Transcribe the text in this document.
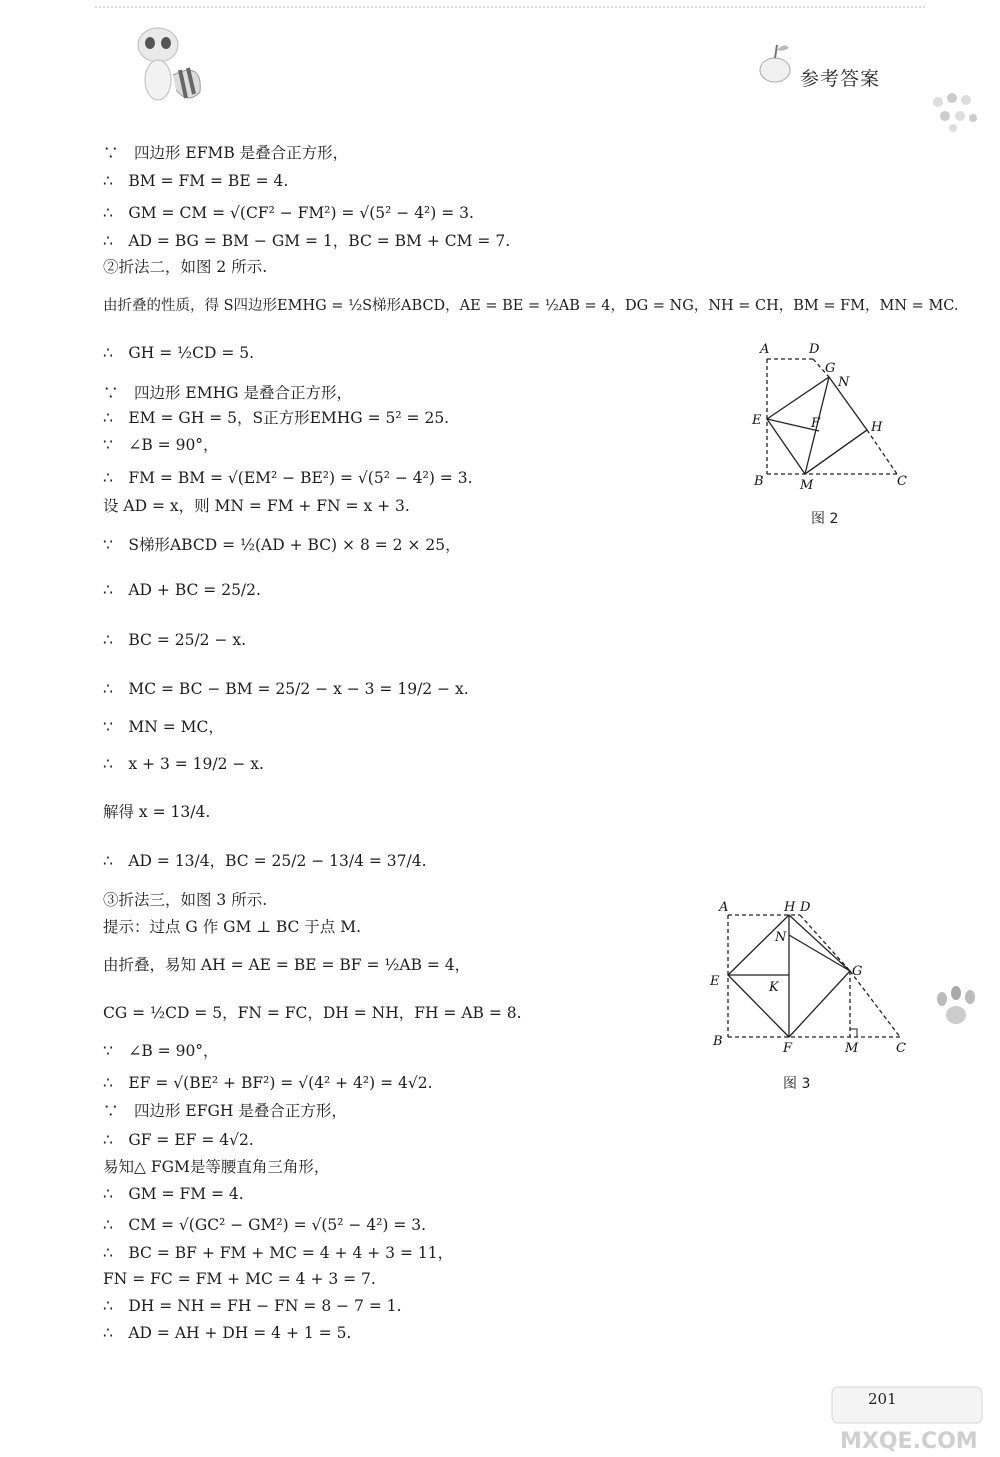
参考答案
∵　四边形 EFMB 是叠合正方形，
∴　BM = FM = BE = 4.
∴　GM = CM = √(CF² − FM²) = √(5² − 4²) = 3.
∴　AD = BG = BM − GM = 1，BC = BM + CM = 7.
②折法二，如图 2 所示.
由折叠的性质，得 S四边形EMHG = ½S梯形ABCD，AE = BE = ½AB = 4，DG = NG，NH = CH，BM = FM，MN = MC.
∴　GH = ½CD = 5.
∵　四边形 EMHG 是叠合正方形，
∴　EM = GH = 5，S正方形EMHG = 5² = 25.
∵　∠B = 90°，
∴　FM = BM = √(EM² − BE²) = √(5² − 4²) = 3.
设 AD = x，则 MN = FM + FN = x + 3.
∵　S梯形ABCD = ½(AD + BC) × 8 = 2 × 25，
∴　AD + BC = 25/2.
∴　BC = 25/2 − x.
∴　MC = BC − BM = 25/2 − x − 3 = 19/2 − x.
∵　MN = MC，
∴　x + 3 = 19/2 − x.
解得 x = 13/4.
∴　AD = 13/4，BC = 25/2 − 13/4 = 37/4.
③折法三，如图 3 所示.
提示：过点 G 作 GM ⊥ BC 于点 M.
由折叠，易知 AH = AE = BE = BF = ½AB = 4，
CG = ½CD = 5，FN = FC，DH = NH，FH = AB = 8.
∵　∠B = 90°，
∴　EF = √(BE² + BF²) = √(4² + 4²) = 4√2.
∵　四边形 EFGH 是叠合正方形，
∴　GF = EF = 4√2.
易知△ FGM是等腰直角三角形，
∴　GM = FM = 4.
∴　CM = √(GC² − GM²) = √(5² − 4²) = 3.
∴　BC = BF + FM + MC = 4 + 4 + 3 = 11，
FN = FC = FM + MC = 4 + 3 = 7.
∴　DH = NH = FH − FN = 8 − 7 = 1.
∴　AD = AH + DH = 4 + 1 = 5.
A	D
G
N
E	F	H
B	M	C
图 2
A	H D
N
G
E	K
B	F	M	C
图 3
MXQE.COM
201
